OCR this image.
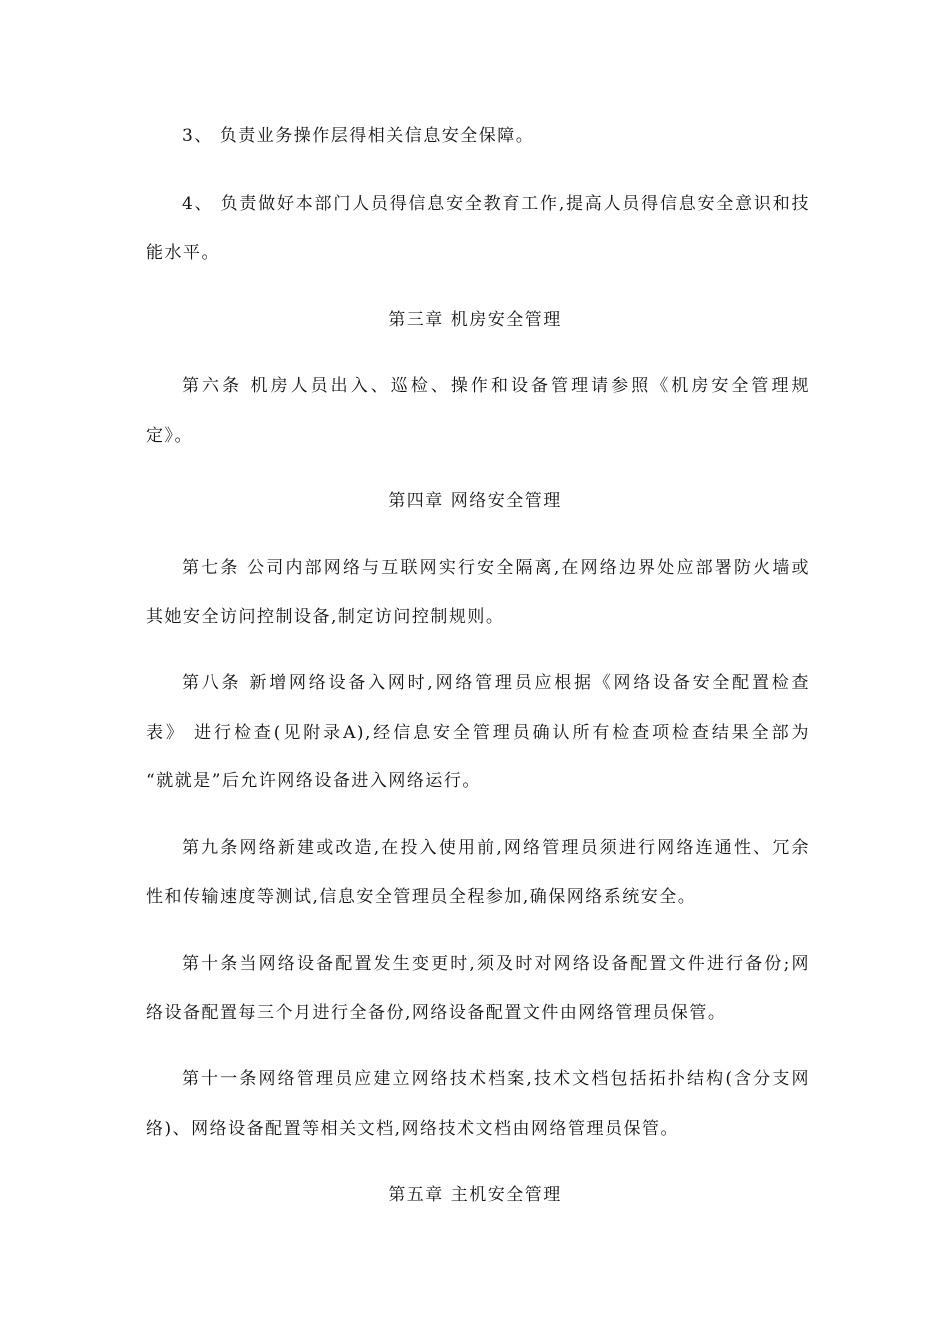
3、 负责业务操作层得相关信息安全保障。
4、 负责做好本部门人员得信息安全教育工作,提高人员得信息安全意识和技
能水平。
第三章 机房安全管理
第六条 机房人员出入、巡检、操作和设备管理请参照《机房安全管理规
定》。
第四章 网络安全管理
第七条 公司内部网络与互联网实行安全隔离,在网络边界处应部署防火墙或
其她安全访问控制设备,制定访问控制规则。
第八条 新增网络设备入网时,网络管理员应根据《网络设备安全配置检查
表》 进行检查(见附录A),经信息安全管理员确认所有检查项检查结果全部为
“就就是”后允许网络设备进入网络运行。
第九条网络新建或改造,在投入使用前,网络管理员须进行网络连通性、冗余
性和传输速度等测试,信息安全管理员全程参加,确保网络系统安全。
第十条当网络设备配置发生变更时,须及时对网络设备配置文件进行备份;网
络设备配置每三个月进行全备份,网络设备配置文件由网络管理员保管。
第十一条网络管理员应建立网络技术档案,技术文档包括拓扑结构(含分支网
络)、网络设备配置等相关文档,网络技术文档由网络管理员保管。
第五章 主机安全管理
